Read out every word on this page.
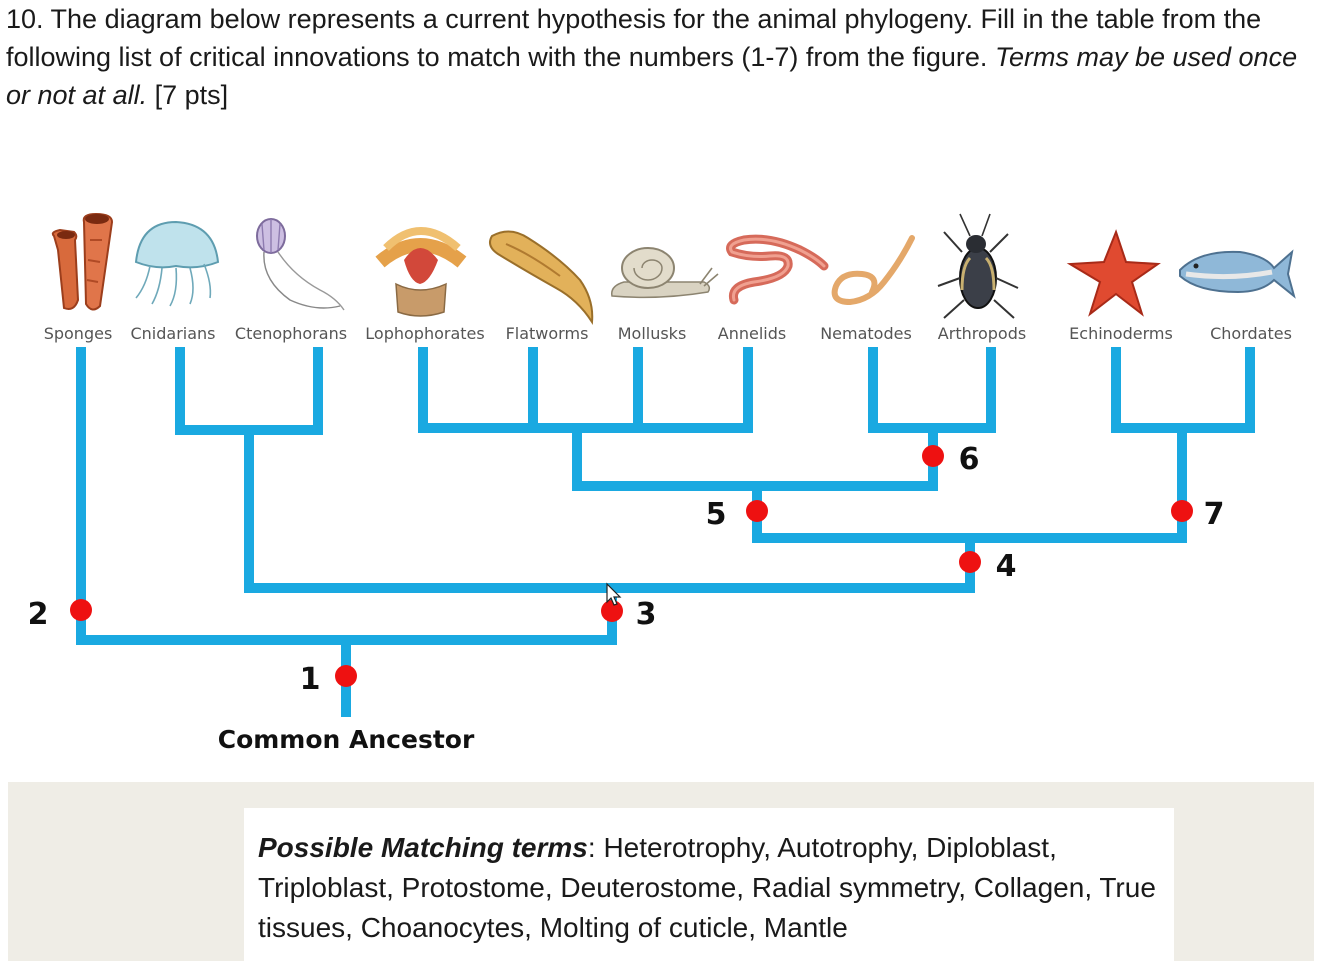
10. The diagram below represents a current hypothesis for the animal phylogeny. Fill in the table from the following list of critical innovations to match with the numbers (1-7) from the figure. Terms may be used once or not at all. [7 pts]
Sponges Cnidarians Ctenophorans Lophophorates Flatworms Mollusks Annelids Nematodes Arthropods	Echinoderms Chordates
1
2	3
4
5
6
7
Common Ancestor
Possible Matching terms: Heterotrophy, Autotrophy, Diploblast, Triploblast, Protostome, Deuterostome, Radial symmetry, Collagen, True tissues, Choanocytes, Molting of cuticle, Mantle
